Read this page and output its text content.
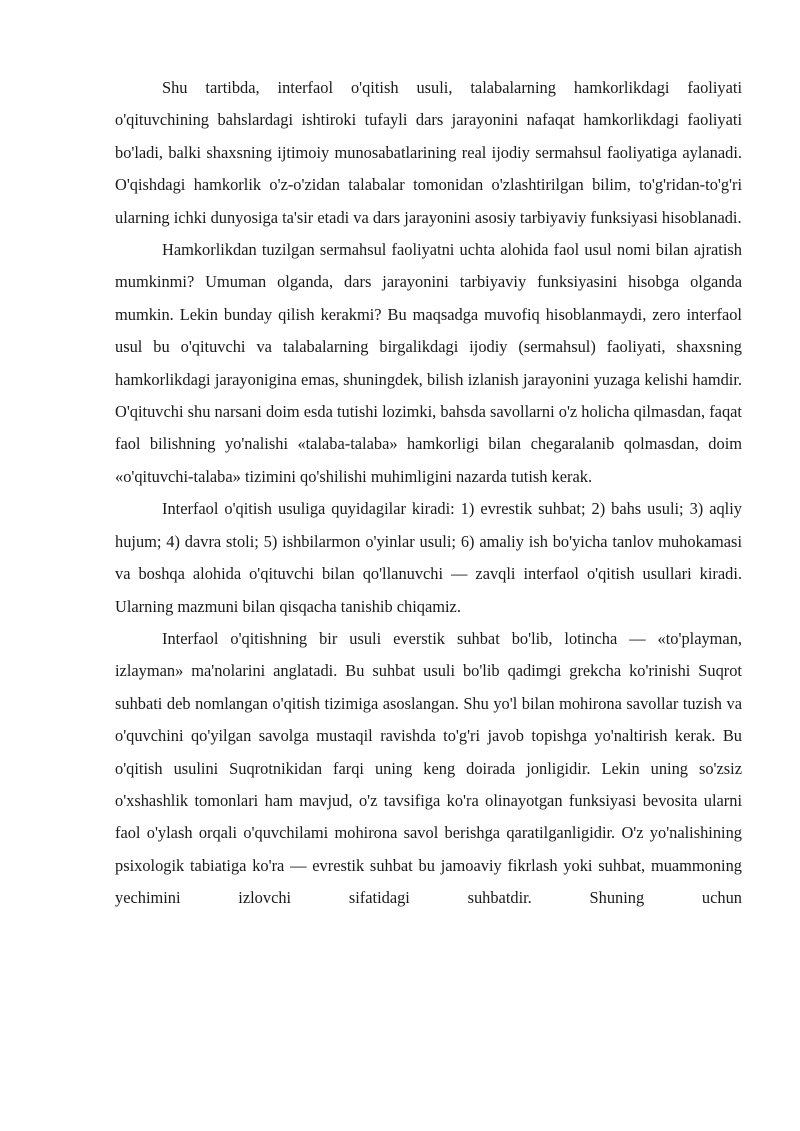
Shu tartibda, interfaol o'qitish usuli, talabalarning hamkorlikdagi faoliyati o'qituvchining bahslardagi ishtiroki tufayli dars jarayonini nafaqat hamkorlikdagi faoliyati bo'ladi, balki shaxsning ijtimoiy munosabatlarining real ijodiy sermahsul faoliyatiga aylanadi. O'qishdagi hamkorlik o'z-o'zidan talabalar tomonidan o'zlashtirilgan bilim, to'g'ridan-to'g'ri ularning ichki dunyosiga ta'sir etadi va dars jarayonini asosiy tarbiyaviy funksiyasi hisoblanadi.

Hamkorlikdan tuzilgan sermahsul faoliyatni uchta alohida faol usul nomi bilan ajratish mumkinmi? Umuman olganda, dars jarayonini tarbiyaviy funksiyasini hisobga olganda mumkin. Lekin bunday qilish kerakmi? Bu maqsadga muvofiq hisoblanmaydi, zero interfaol usul bu o'qituvchi va talabalarning birgalikdagi ijodiy (sermahsul) faoliyati, shaxsning hamkorlikdagi jarayonigina emas, shuningdek, bilish izlanish jarayonini yuzaga kelishi hamdir. O'qituvchi shu narsani doim esda tutishi lozimki, bahsda savollarni o'z holicha qilmasdan, faqat faol bilishning yo'nalishi «talaba-talaba» hamkorligi bilan chegaralanib qolmasdan, doim «o'qituvchi-talaba» tizimini qo'shilishi muhimligini nazarda tutish kerak.

Interfaol o'qitish usuliga quyidagilar kiradi: 1) evrestik suhbat; 2) bahs usuli; 3) aqliy hujum; 4) davra stoli; 5) ishbilarmon o'yinlar usuli; 6) amaliy ish bo'yicha tanlov muhokamasi va boshqa alohida o'qituvchi bilan qo'llanuvchi — zavqli interfaol o'qitish usullari kiradi. Ularning mazmuni bilan qisqacha tanishib chiqamiz.

Interfaol o'qitishning bir usuli everstik suhbat bo'lib, lotincha — «to'playman, izlayman» ma'nolarini anglatadi. Bu suhbat usuli bo'lib qadimgi grekcha ko'rinishi Suqrot suhbati deb nomlangan o'qitish tizimiga asoslangan. Shu yo'l bilan mohirona savollar tuzish va o'quvchini qo'yilgan savolga mustaqil ravishda to'g'ri javob topishga yo'naltirish kerak. Bu o'qitish usulini Suqrotnikidan farqi uning keng doirada jonligidir. Lekin uning so'zsiz o'xshashlik tomonlari ham mavjud, o'z tavsifiga ko'ra olinayotgan funksiyasi bevosita ularni faol o'ylash orqali o'quvchilami mohirona savol berishga qaratilganligidir. O'z yo'nalishining psixologik tabiatiga ko'ra — evrestik suhbat bu jamoaviy fikrlash yoki suhbat, muammoning yechimini izlovchi sifatidagi suhbatdir. Shuning uchun
